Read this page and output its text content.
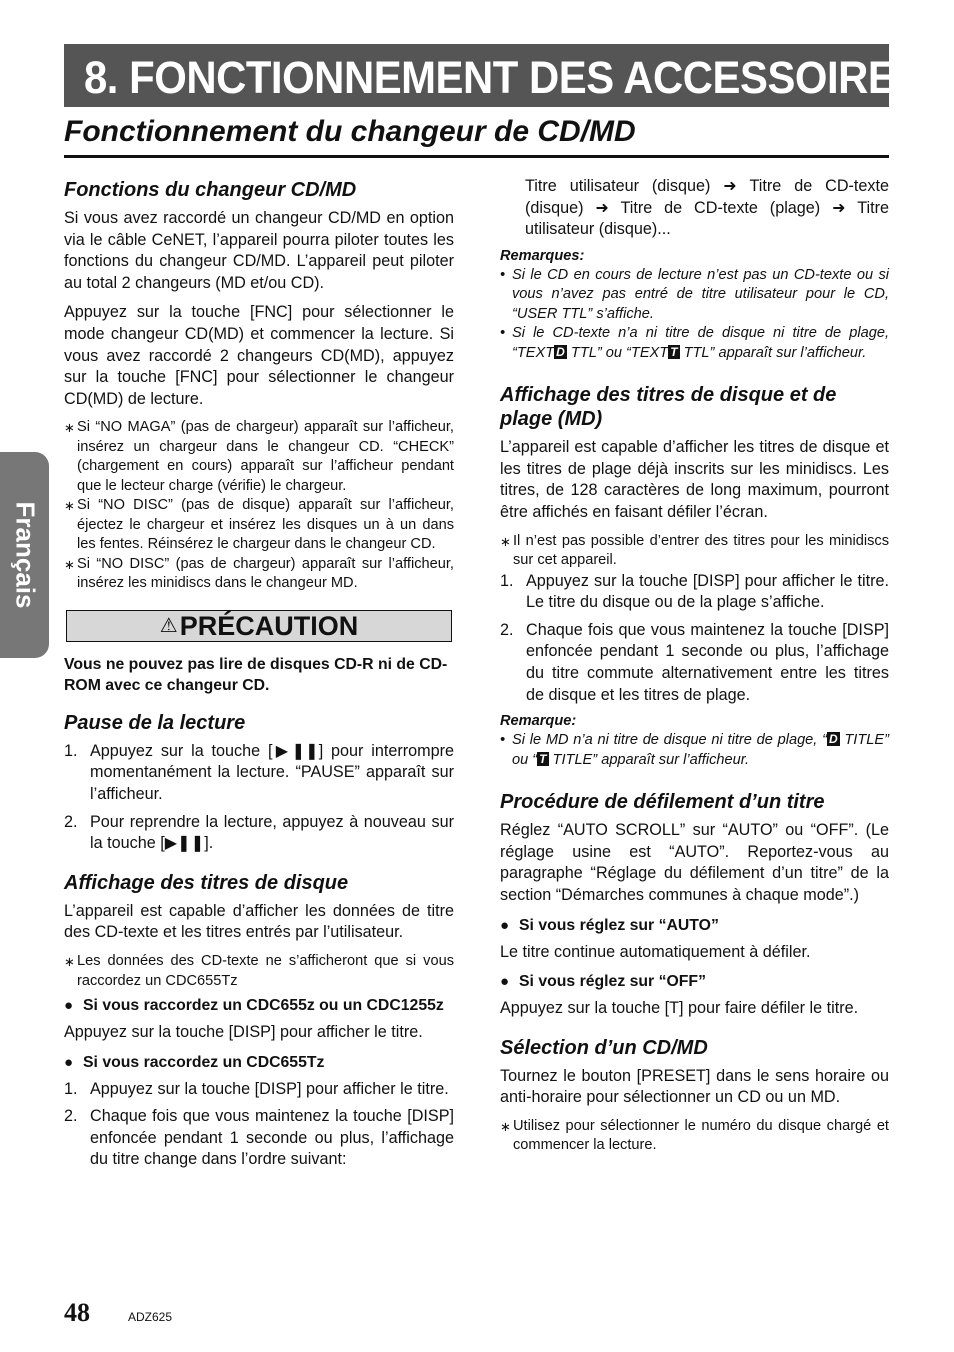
8. FONCTIONNEMENT DES ACCESSOIRES
Fonctionnement du changeur de CD/MD
Français
Fonctions du changeur CD/MD

Si vous avez raccordé un changeur CD/MD en option via le câble CeNET, l’appareil pourra piloter toutes les fonctions du changeur CD/MD. L’appareil peut piloter au total 2 changeurs (MD et/ou CD).

Appuyez sur la touche [FNC] pour sélectionner le mode changeur CD(MD) et commencer la lecture. Si vous avez raccordé 2 changeurs CD(MD), appuyez sur la touche [FNC] pour sélectionner le changeur CD(MD) de lecture.

∗ Si “NO MAGA” (pas de chargeur) apparaît sur l’afficheur, insérez un chargeur dans le changeur CD. “CHECK” (chargement en cours) apparaît sur l’afficheur pendant que le lecteur charge (vérifie) le chargeur.
∗ Si “NO DISC” (pas de disque) apparaît sur l’afficheur, éjectez le chargeur et insérez les disques un à un dans les fentes. Réinsérez le chargeur dans le changeur CD.
∗ Si “NO DISC” (pas de chargeur) apparaît sur l’afficheur, insérez les minidiscs dans le changeur MD.
⚠PRÉCAUTION
Vous ne pouvez pas lire de disques CD-R ni de CD-ROM avec ce changeur CD.
Pause de la lecture
1. Appuyez sur la touche [▶❚❚] pour interrompre momentanément la lecture. “PAUSE” apparaît sur l’afficheur.
2. Pour reprendre la lecture, appuyez à nouveau sur la touche [▶❚❚].
Affichage des titres de disque

L’appareil est capable d’afficher les données de titre des CD-texte et les titres entrés par l’utilisateur.

∗ Les données des CD-texte ne s’afficheront que si vous raccordez un CDC655Tz
● Si vous raccordez un CDC655z ou un CDC1255z

Appuyez sur la touche [DISP] pour afficher le titre.

● Si vous raccordez un CDC655Tz
1. Appuyez sur la touche [DISP] pour afficher le titre.
2. Chaque fois que vous maintenez la touche [DISP] enfoncée pendant 1 seconde ou plus, l’affichage du titre change dans l’ordre suivant:
Titre utilisateur (disque) ➜ Titre de CD-texte (disque) ➜ Titre de CD-texte (plage) ➜ Titre utilisateur (disque)...
Remarques:
• Si le CD en cours de lecture n’est pas un CD-texte ou si vous n’avez pas entré de titre utilisateur pour le CD, “USER TTL” s’affiche.
• Si le CD-texte n’a ni titre de disque ni titre de plage, “TEXT D TTL” ou “TEXT T TTL” apparaît sur l’afficheur.
Affichage des titres de disque et de plage (MD)

L’appareil est capable d’afficher les titres de disque et les titres de plage déjà inscrits sur les minidiscs. Les titres, de 128 caractères de long maximum, pourront être affichés en faisant défiler l’écran.

∗ Il n’est pas possible d’entrer des titres pour les minidiscs sur cet appareil.
1. Appuyez sur la touche [DISP] pour afficher le titre. Le titre du disque ou de la plage s’affiche.
2. Chaque fois que vous maintenez la touche [DISP] enfoncée pendant 1 seconde ou plus, l’affichage du titre commute alternativement entre les titres de disque et les titres de plage.
Remarque:
• Si le MD n’a ni titre de disque ni titre de plage, “ D TITLE” ou “ T TITLE” apparaît sur l’afficheur.
Procédure de défilement d’un titre

Réglez “AUTO SCROLL” sur “AUTO” ou “OFF”. (Le réglage usine est “AUTO”. Reportez-vous au paragraphe “Réglage du défilement d’un titre” de la section “Démarches communes à chaque mode”.)

● Si vous réglez sur “AUTO”

Le titre continue automatiquement à défiler.

● Si vous réglez sur “OFF”

Appuyez sur la touche [T] pour faire défiler le titre.

Sélection d’un CD/MD

Tournez le bouton [PRESET] dans le sens horaire ou anti-horaire pour sélectionner un CD ou un MD.

∗ Utilisez pour sélectionner le numéro du disque chargé et commencer la lecture.
48	ADZ625
